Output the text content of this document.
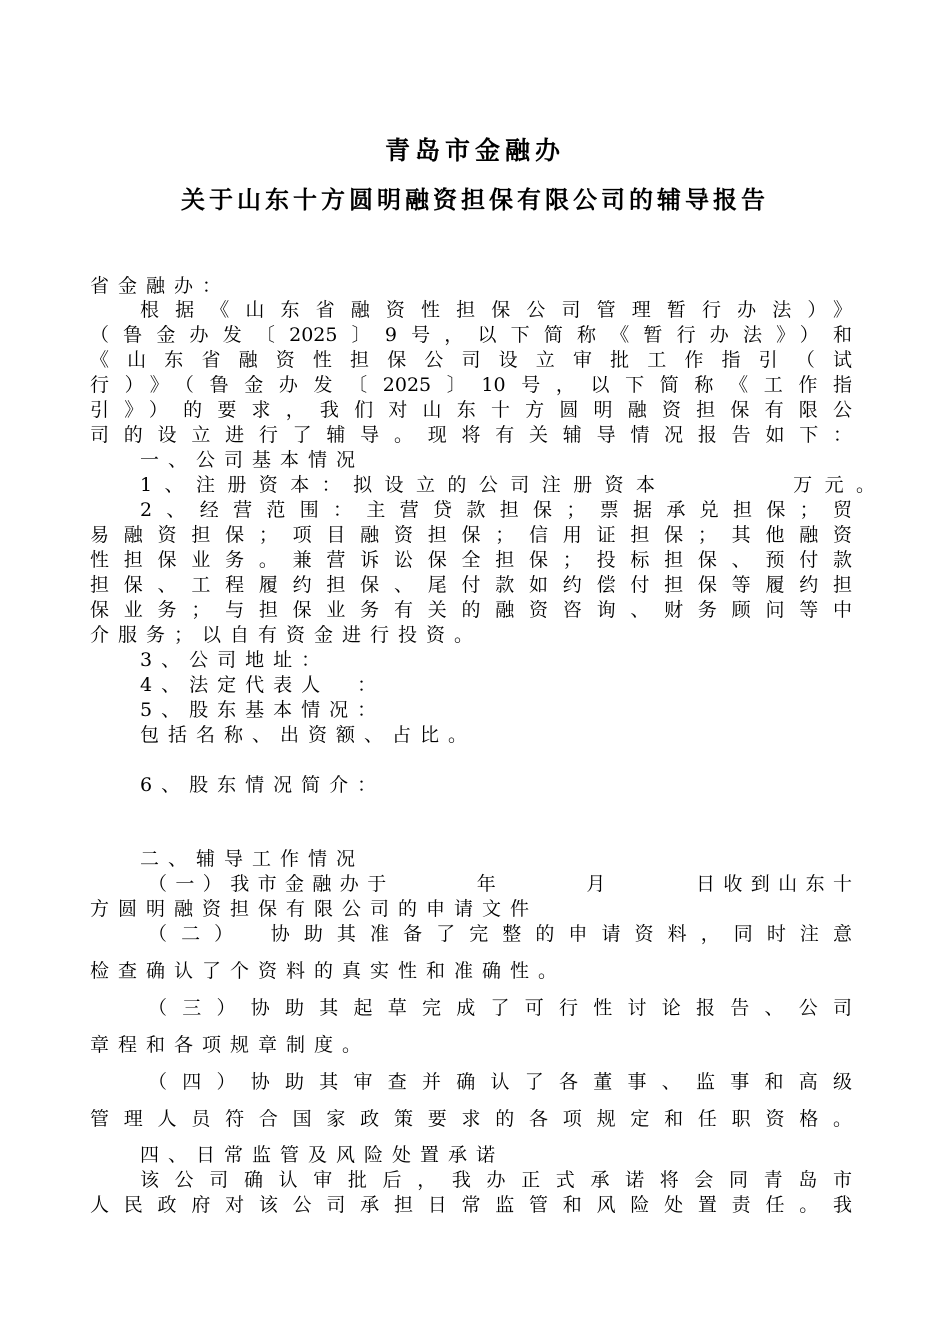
青岛市金融办
关于山东十方圆明融资担保有限公司的辅导报告
省金融办：
根据《山东省融资性担保公司管理暂行办法）》
（鲁金办发〔2025〕9号，以下简称《暂行办法》）和
《山东省融资性担保公司设立审批工作指引（试
行）》（鲁金办发〔2025〕10号，以下简称《工作指
引》）的要求，我们对山东十方圆明融资担保有限公
司的设立进行了辅导。现将有关辅导情况报告如下：
一、公司基本情况
1、注册资本：拟设立的公司注册资本　　　　万元。
2、经营范围：主营贷款担保；票据承兑担保；贸
易融资担保；项目融资担保；信用证担保；其他融资
性担保业务。兼营诉讼保全担保；投标担保、预付款
担保、工程履约担保、尾付款如约偿付担保等履约担
保业务；与担保业务有关的融资咨询、财务顾问等中
介服务；以自有资金进行投资。
3、公司地址：
4、法定代表人　：
5、股东基本情况：
包括名称、出资额、占比。
6、股东情况简介：
二、辅导工作情况
（一）我市金融办于　　　年　　　月　　　日收到山东十
方圆明融资担保有限公司的申请文件
（二）　协助其准备了完整的申请资料，同时注意
检查确认了个资料的真实性和准确性。
（三）协助其起草完成了可行性讨论报告、公司
章程和各项规章制度。
（四）协助其审查并确认了各董事、监事和高级
管理人员符合国家政策要求的各项规定和任职资格。
四、日常监管及风险处置承诺
该公司确认审批后，我办正式承诺将会同青岛市
人民政府对该公司承担日常监管和风险处置责任。我
